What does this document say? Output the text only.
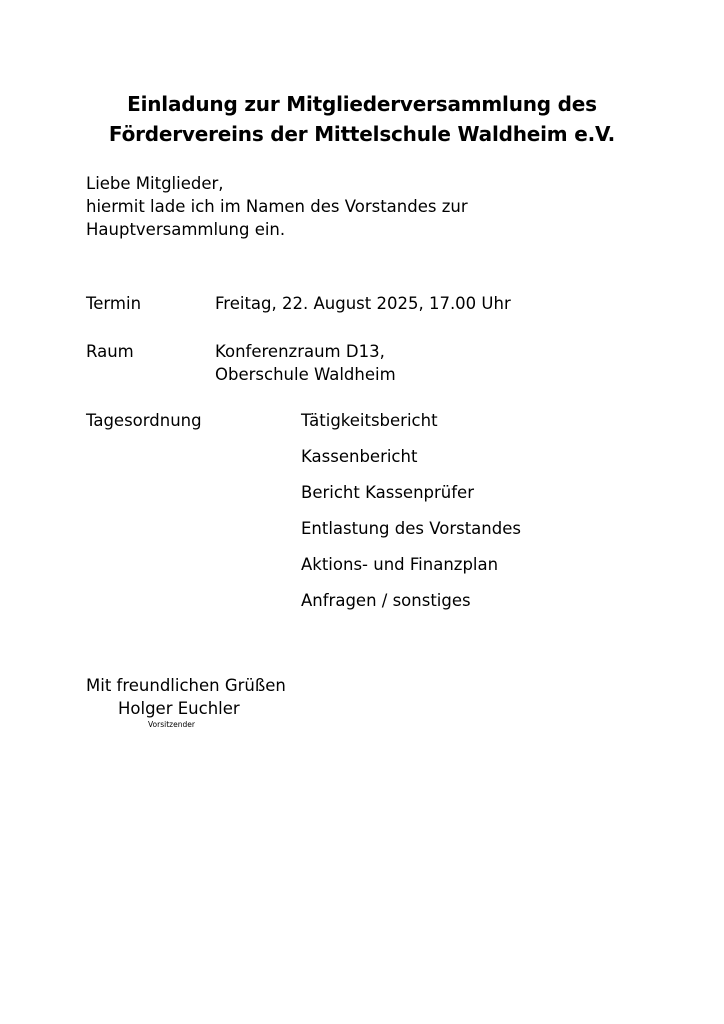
Einladung zur Mitgliederversammlung des
Fördervereins der Mittelschule Waldheim e.V.
Liebe Mitglieder,
hiermit lade ich im Namen des Vorstandes zur
Hauptversammlung ein.
Termin	Freitag, 22. August 2025, 17.00 Uhr
Raum	Konferenzraum D13,
Oberschule Waldheim
Tagesordnung	Tätigkeitsbericht
Kassenbericht
Bericht Kassenprüfer
Entlastung des Vorstandes
Aktions- und Finanzplan
Anfragen / sonstiges
Mit freundlichen Grüßen
Holger Euchler
Vorsitzender
